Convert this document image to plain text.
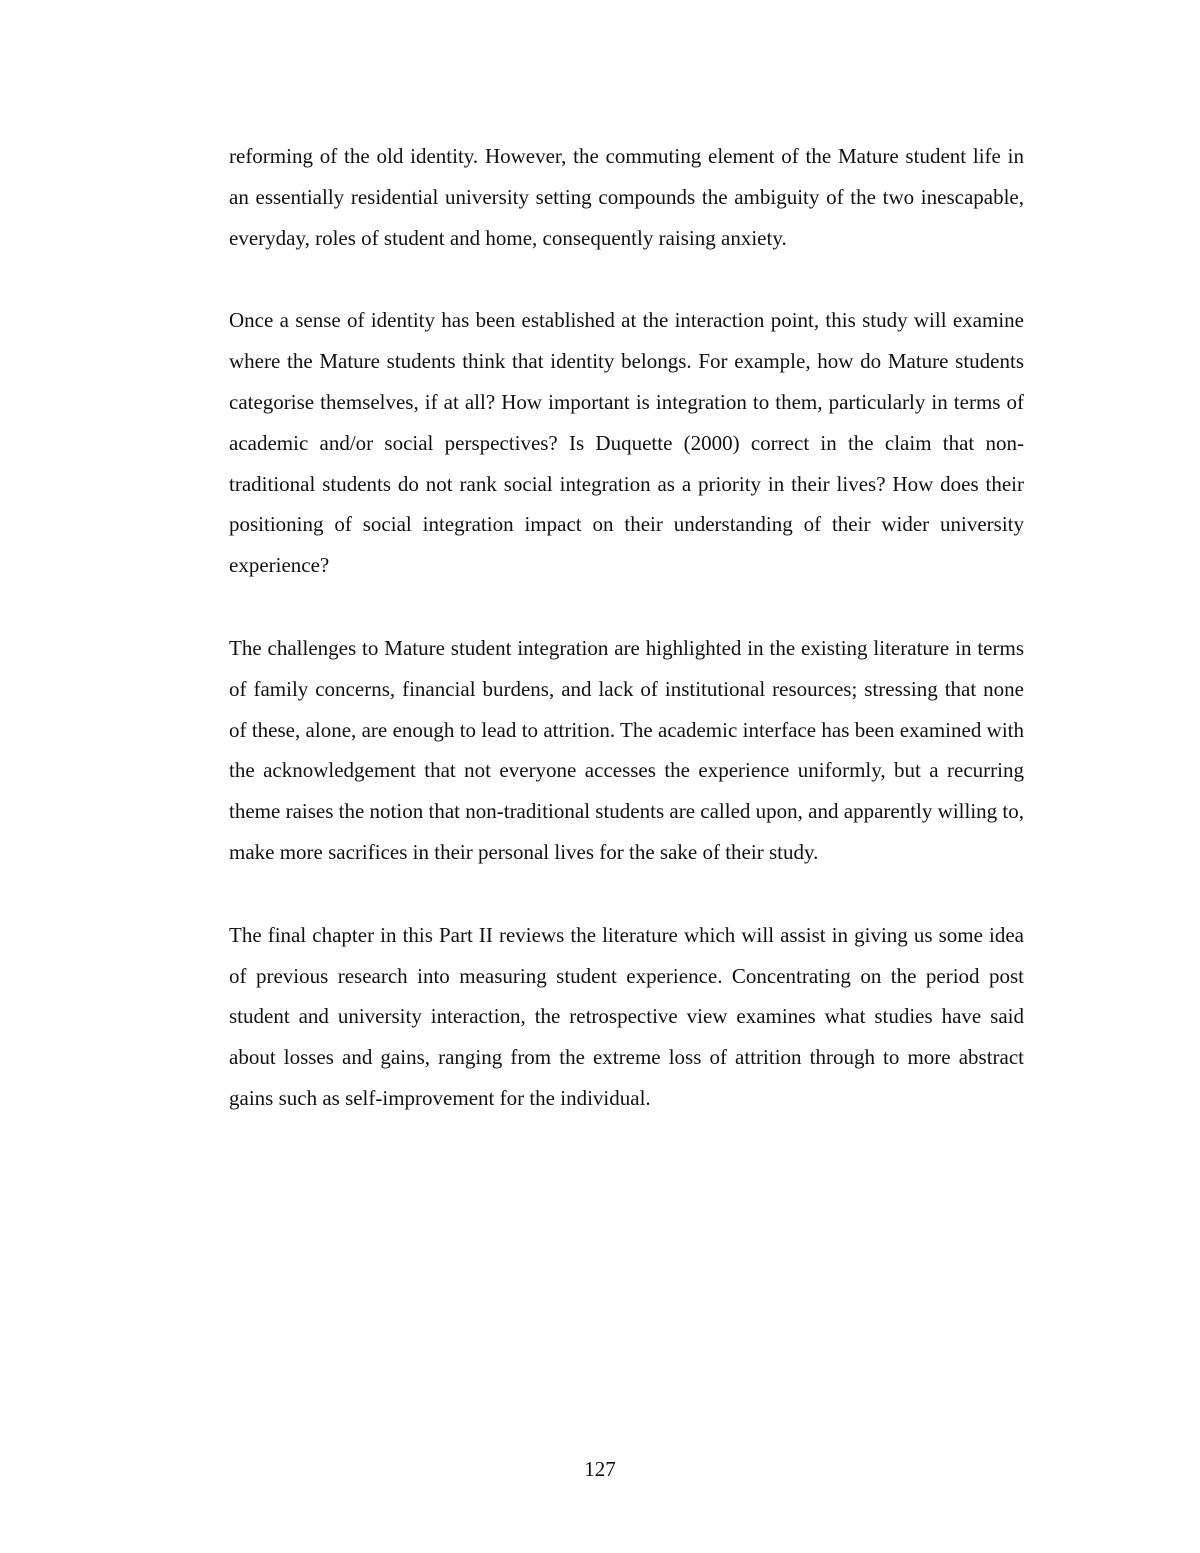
reforming of the old identity. However, the commuting element of the Mature student life in an essentially residential university setting compounds the ambiguity of the two inescapable, everyday, roles of student and home, consequently raising anxiety.

Once a sense of identity has been established at the interaction point, this study will examine where the Mature students think that identity belongs. For example, how do Mature students categorise themselves, if at all? How important is integration to them, particularly in terms of academic and/or social perspectives? Is Duquette (2000) correct in the claim that non-traditional students do not rank social integration as a priority in their lives? How does their positioning of social integration impact on their understanding of their wider university experience?

The challenges to Mature student integration are highlighted in the existing literature in terms of family concerns, financial burdens, and lack of institutional resources; stressing that none of these, alone, are enough to lead to attrition. The academic interface has been examined with the acknowledgement that not everyone accesses the experience uniformly, but a recurring theme raises the notion that non-traditional students are called upon, and apparently willing to, make more sacrifices in their personal lives for the sake of their study.

The final chapter in this Part II reviews the literature which will assist in giving us some idea of previous research into measuring student experience. Concentrating on the period post student and university interaction, the retrospective view examines what studies have said about losses and gains, ranging from the extreme loss of attrition through to more abstract gains such as self-improvement for the individual.

127
